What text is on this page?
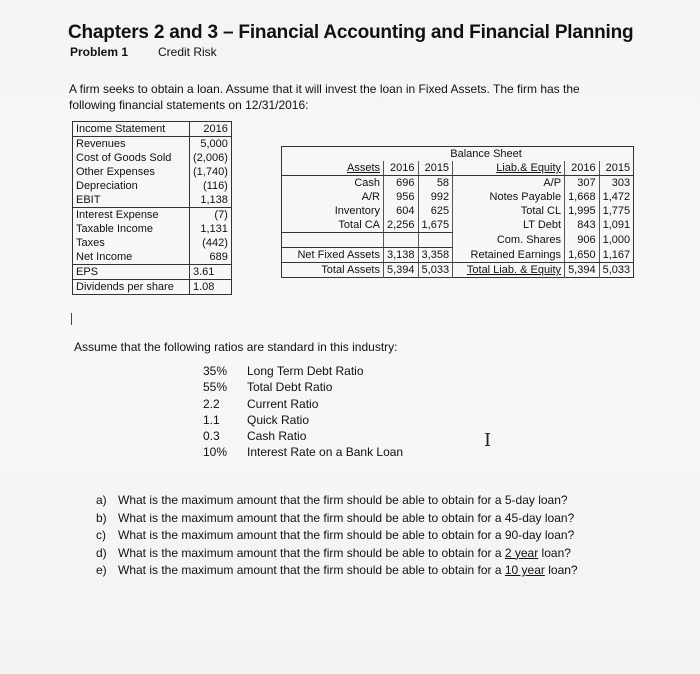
Chapters 2 and 3 – Financial Accounting and Financial Planning
Problem 1 Credit Risk
A firm seeks to obtain a loan. Assume that it will invest the loan in Fixed Assets. The firm has the following financial statements on 12/31/2016:
Income Statement	2016
Revenues	5,000
Cost of Goods Sold	(2,006)
Other Expenses	(1,740)
Depreciation	(116)
EBIT	1,138
Interest Expense	(7)
Taxable Income	1,131
Taxes	(442)
Net Income	689
EPS	3.61
Dividends per share	1.08
Balance Sheet					
Assets	2016	2015	Liab.& Equity	2016	2015
Cash	696	58	A/P	307	303
A/R	956	992	Notes Payable	1,668	1,472
Inventory	604	625	Total CL	1,995	1,775
Total CA	2,256	1,675	LT Debt	843	1,091
			Com. Shares	906	1,000
Net Fixed Assets	3,138	3,358	Retained Earnings	1,650	1,167
Total Assets	5,394	5,033	Total Liab. & Equity	5,394	5,033
Assume that the following ratios are standard in this industry:
35%	Long Term Debt Ratio
55%	Total Debt Ratio
2.2	Current Ratio
1.1	Quick Ratio
0.3	Cash Ratio
10%	Interest Rate on a Bank Loan
I
a) What is the maximum amount that the firm should be able to obtain for a 5-day loan?
b) What is the maximum amount that the firm should be able to obtain for a 45-day loan?
c)	What is the maximum amount that the firm should be able to obtain for a 90-day loan?
d) What is the maximum amount that the firm should be able to obtain for a 2 year loan?
e) What is the maximum amount that the firm should be able to obtain for a 10 year loan?
